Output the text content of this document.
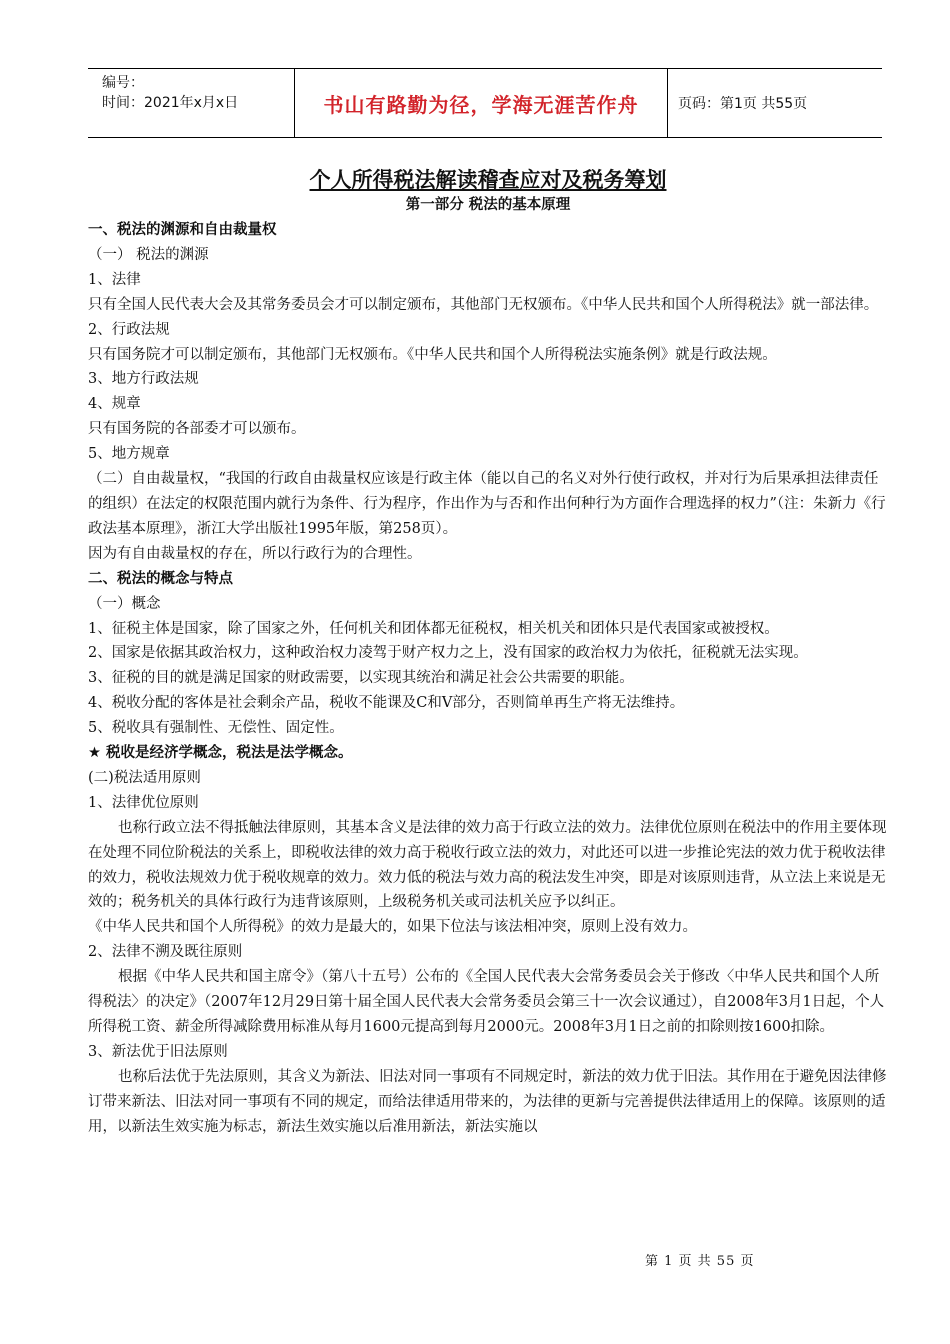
编号：
时间：2021年x月x日	书山有路勤为径，学海无涯苦作舟	页码：第1页 共55页
个人所得税法解读稽查应对及税务筹划
第一部分 税法的基本原理

一、税法的渊源和自由裁量权

（一） 税法的渊源

1、法律

只有全国人民代表大会及其常务委员会才可以制定颁布，其他部门无权颁布。《中华人民共和国个人所得税法》就一部法律。

2、行政法规

只有国务院才可以制定颁布，其他部门无权颁布。《中华人民共和国个人所得税法实施条例》就是行政法规。

3、地方行政法规

4、规章

只有国务院的各部委才可以颁布。

5、地方规章

（二）自由裁量权，“我国的行政自由裁量权应该是行政主体（能以自己的名义对外行使行政权，并对行为后果承担法律责任的组织）在法定的权限范围内就行为条件、行为程序，作出作为与否和作出何种行为方面作合理选择的权力”（注：朱新力《行政法基本原理》，浙江大学出版社1995年版，第258页）。

因为有自由裁量权的存在，所以行政行为的合理性。

二、税法的概念与特点

（一）概念

1、征税主体是国家，除了国家之外，任何机关和团体都无征税权，相关机关和团体只是代表国家或被授权。

2、国家是依据其政治权力，这种政治权力凌驾于财产权力之上，没有国家的政治权力为依托，征税就无法实现。

3、征税的目的就是满足国家的财政需要，以实现其统治和满足社会公共需要的职能。

4、税收分配的客体是社会剩余产品，税收不能课及C和V部分，否则简单再生产将无法维持。

5、税收具有强制性、无偿性、固定性。

★ 税收是经济学概念，税法是法学概念。

(二)税法适用原则

1、法律优位原则

也称行政立法不得抵触法律原则，其基本含义是法律的效力高于行政立法的效力。法律优位原则在税法中的作用主要体现在处理不同位阶税法的关系上，即税收法律的效力高于税收行政立法的效力，对此还可以进一步推论宪法的效力优于税收法律的效力，税收法规效力优于税收规章的效力。效力低的税法与效力高的税法发生冲突，即是对该原则违背，从立法上来说是无效的；税务机关的具体行政行为违背该原则，上级税务机关或司法机关应予以纠正。

《中华人民共和国个人所得税》的效力是最大的，如果下位法与该法相冲突，原则上没有效力。

2、法律不溯及既往原则

根据《中华人民共和国主席令》（第八十五号）公布的《全国人民代表大会常务委员会关于修改〈中华人民共和国个人所得税法〉的决定》（2007年12月29日第十届全国人民代表大会常务委员会第三十一次会议通过），自2008年3月1日起，个人所得税工资、薪金所得减除费用标准从每月1600元提高到每月2000元。2008年3月1日之前的扣除则按1600扣除。

3、新法优于旧法原则

也称后法优于先法原则，其含义为新法、旧法对同一事项有不同规定时，新法的效力优于旧法。其作用在于避免因法律修订带来新法、旧法对同一事项有不同的规定，而给法律适用带来的，为法律的更新与完善提供法律适用上的保障。该原则的适用，以新法生效实施为标志，新法生效实施以后准用新法，新法实施以

第 1 页 共 55 页
